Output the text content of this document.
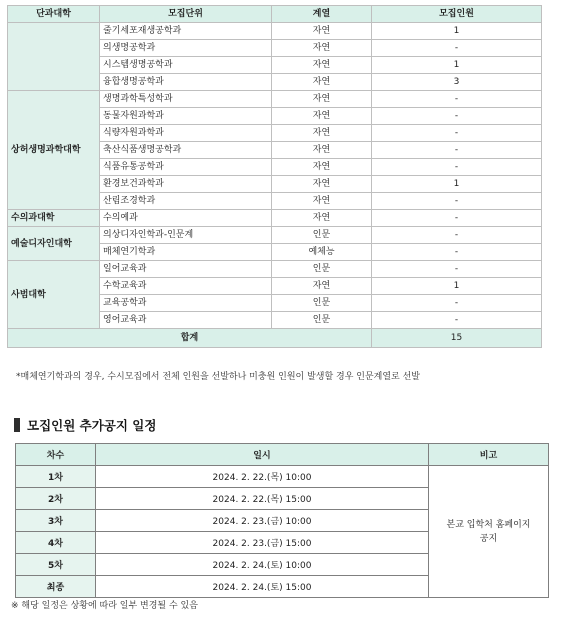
단과대학	모집단위	계열	모집인원
	줄기세포재생공학과	자연	1
	의생명공학과	자연	-
	시스템생명공학과	자연	1
	융합생명공학과	자연	3
상허생명과학대학	생명과학특성학과	자연	-
	동물자원과학과	자연	-
	식량자원과학과	자연	-
	축산식품생명공학과	자연	-
	식품유통공학과	자연	-
	환경보건과학과	자연	1
	산림조경학과	자연	-
수의과대학	수의예과	자연	-
예술디자인대학	의상디자인학과-인문계	인문	-
	매체연기학과	예체능	-
사범대학	일어교육과	인문	-
	수학교육과	자연	1
	교육공학과	인문	-
	영어교육과	인문	-
합계			15
*매체연기학과의 경우, 수시모집에서 전체 인원을 선발하나 미충원 인원이 발생할 경우 인문계열로 선발
모집인원 추가공지 일정
차수	일시	비고
1차	2024. 2. 22.(목) 10:00	본교 입학처 홈페이지
공지
2차	2024. 2. 22.(목) 15:00	
3차	2024. 2. 23.(금) 10:00	
4차	2024. 2. 23.(금) 15:00	
5차	2024. 2. 24.(토) 10:00	
최종	2024. 2. 24.(토) 15:00	
※ 해당 일정은 상황에 따라 일부 변경될 수 있음
